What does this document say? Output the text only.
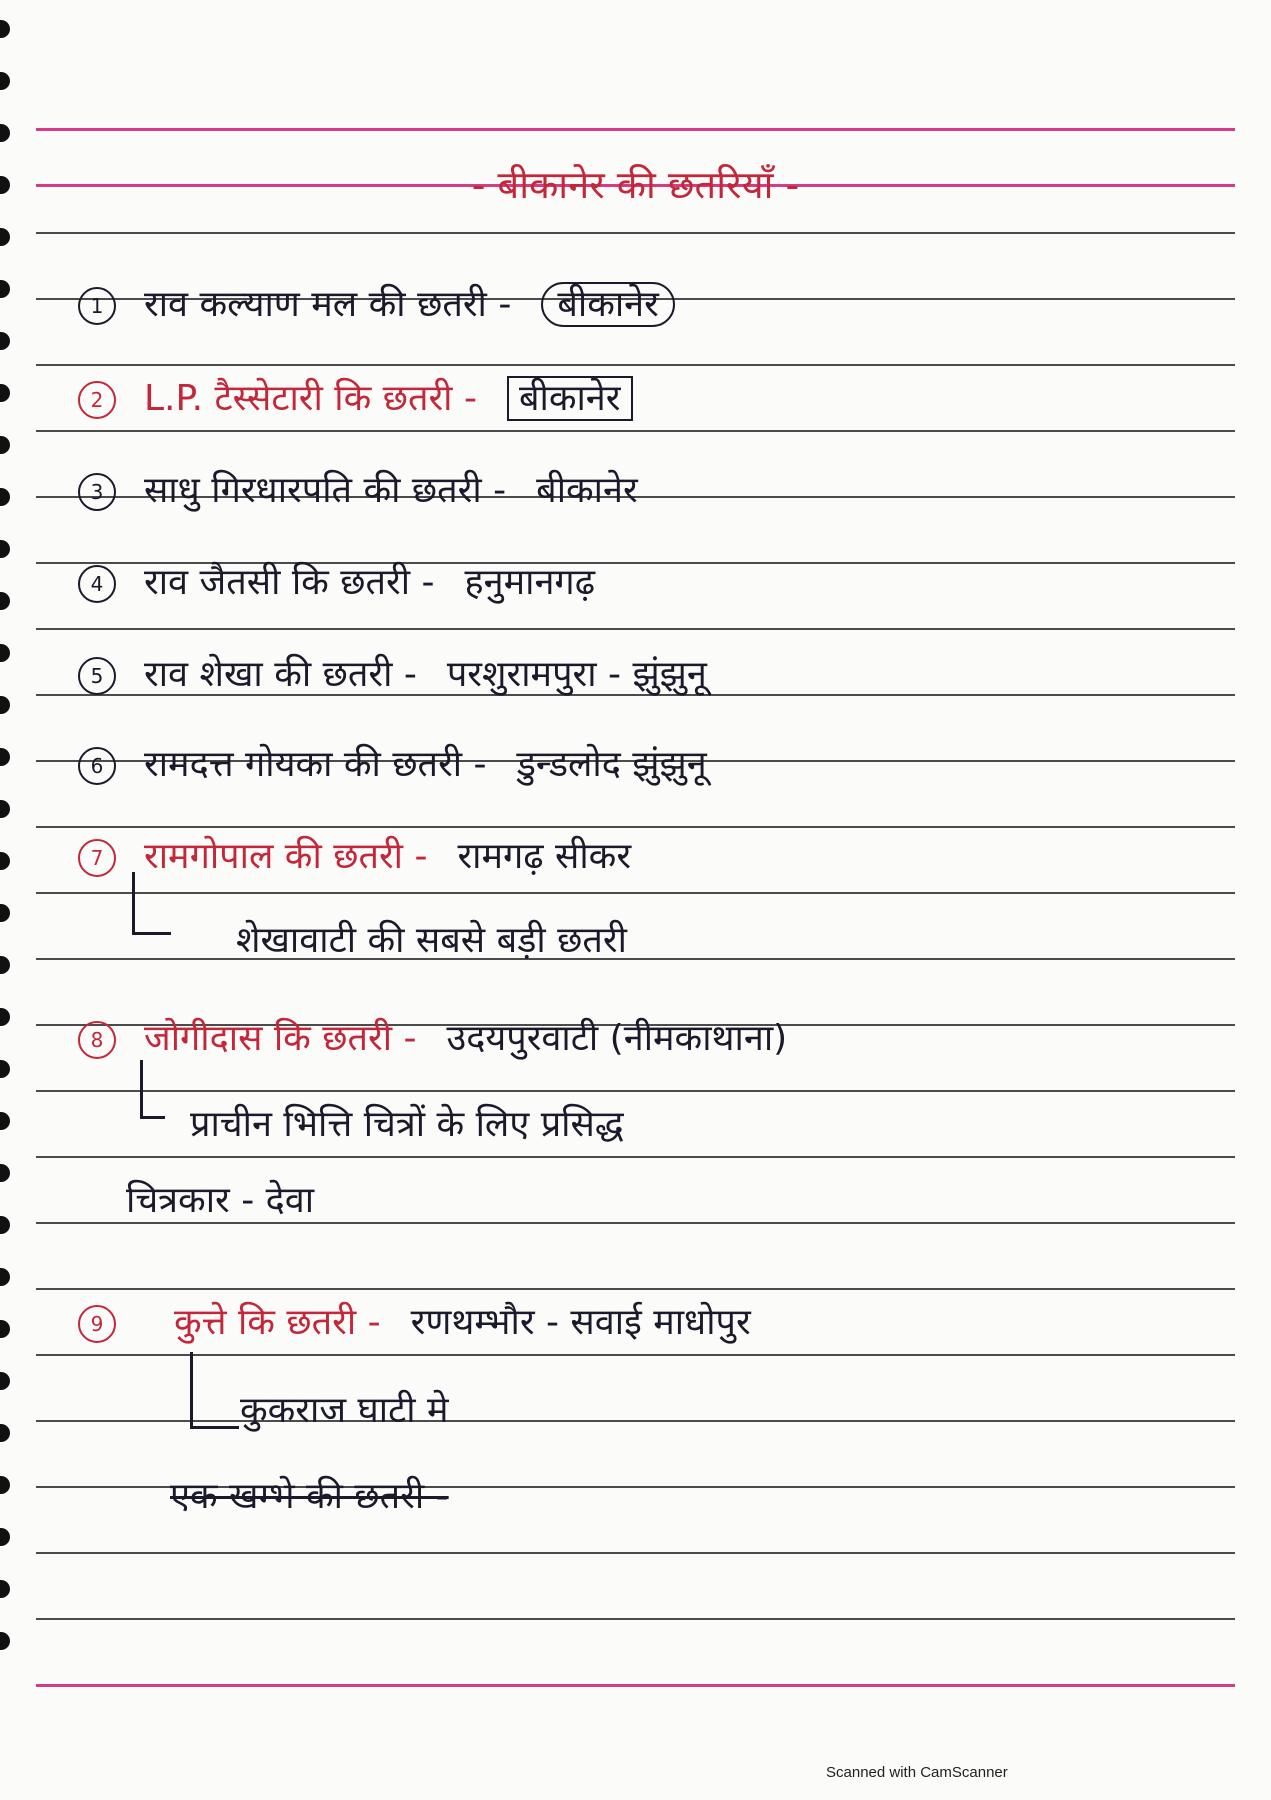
- बीकानेर की छतरियाँ -
1 राव कल्याण मल की छतरी - बीकानेर
2 L.P. टैस्सेटारी कि छतरी - बीकानेर
3 साधु गिरधारपति की छतरी - बीकानेर
4 राव जैतसी कि छतरी - हनुमानगढ़
5 राव शेखा की छतरी - परशुरामपुरा - झुंझुनू
6 रामदत्त गोयका की छतरी - डुन्डलोद झुंझुनू
7 रामगोपाल की छतरी - रामगढ़ सीकर
शेखावाटी की सबसे बड़ी छतरी
8 जोगीदास कि छतरी - उदयपुरवाटी (नीमकाथाना)
प्राचीन भित्ति चित्रों के लिए प्रसिद्ध
चित्रकार - देवा
9 कुत्ते कि छतरी - रणथम्भौर - सवाई माधोपुर
कुकराज घाटी मे
एक खम्भे की छतरी -
Scanned with CamScanner
